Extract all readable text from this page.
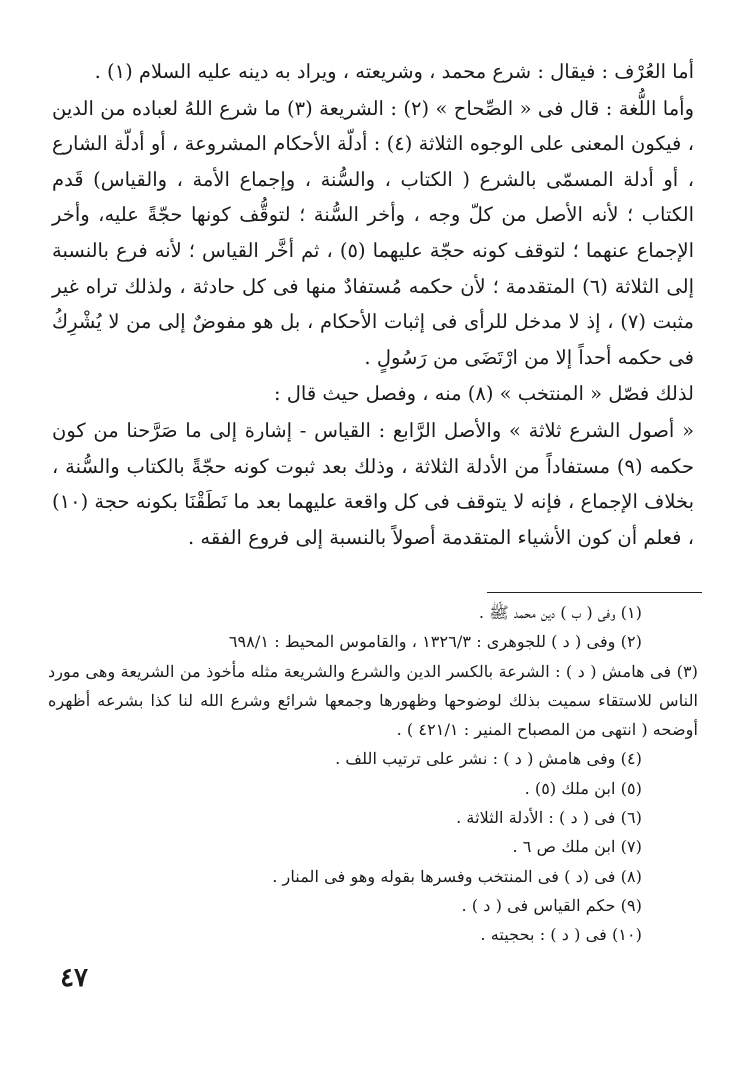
أما العُرْف : فيقال : شرع محمد ، وشريعته ، ويراد به دينه عليه السلام (١) .

وأما اللُّغة : قال فى « الصِّحاح » (٢) : الشريعة (٣) ما شرع اللهُ لعباده من الدين ، فيكون المعنى على الوجوه الثلاثة (٤) : أدلّة الأحكام المشروعة ، أو أدلّة الشارع ، أو أدلة المسمّى بالشرع ( الكتاب ، والسُّنة ، وإجماع الأمة ، والقياس) قَدم الكتاب ؛ لأنه الأصل من كلّ وجه ، وأخر السُّنة ؛ لتوقُّف كونها حجّةً عليه، وأخر الإجماع عنهما ؛ لتوقف كونه حجّة عليهما (٥) ، ثم أخَّر القياس ؛ لأنه فرع بالنسبة إلى الثلاثة (٦) المتقدمة ؛ لأن حكمه مُستفادٌ منها فى كل حادثة ، ولذلك تراه غير مثبت (٧) ، إذ لا مدخل للرأى فى إثبات الأحكام ، بل هو مفوضٌ إلى من لا يُشْرِكُ فى حكمه أحداً إلا من ارْتَضَى من رَسُولٍ .

لذلك فصّل « المنتخب » (٨) منه ، وفصل حيث قال :

« أصول الشرع ثلاثة » والأصل الرَّابع : القياس - إشارة إلى ما صَرَّحنا من كون حكمه (٩) مستفاداً من الأدلة الثلاثة ، وذلك بعد ثبوت كونه حجّةً بالكتاب والسُّنة ، بخلاف الإجماع ، فإنه لا يتوقف فى كل واقعة عليهما بعد ما نَطَقْنَا بكونه حجة (١٠) ، فعلم أن كون الأشياء المتقدمة أصولاً بالنسبة إلى فروع الفقه .

(١) وفى ( ب ) دين محمد ﷺ .

(٢) وفى ( د ) للجوهرى : ١٣٢٦/٣ ، والقاموس المحيط : ٦٩٨/١

(٣) فى هامش ( د ) : الشرعة بالكسر الدين والشرع والشريعة مثله مأخوذ من الشريعة وهى مورد الناس للاستقاء سميت بذلك لوضوحها وظهورها وجمعها شرائع وشرع الله لنا كذا بشرعه أظهره أوضحه ( انتهى من المصباح المنير : ٤٢١/١ ) .

(٤) وفى هامش ( د ) : نشر على ترتيب اللف .

(٥) ابن ملك (٥) .

(٦) فى ( د ) : الأدلة الثلاثة .

(٧) ابن ملك ص ٦ .

(٨) فى (د ) فى المنتخب وفسرها بقوله وهو فى المنار .

(٩) حكم القياس فى ( د ) .

(١٠) فى ( د ) : بحجيته .

٤٧
